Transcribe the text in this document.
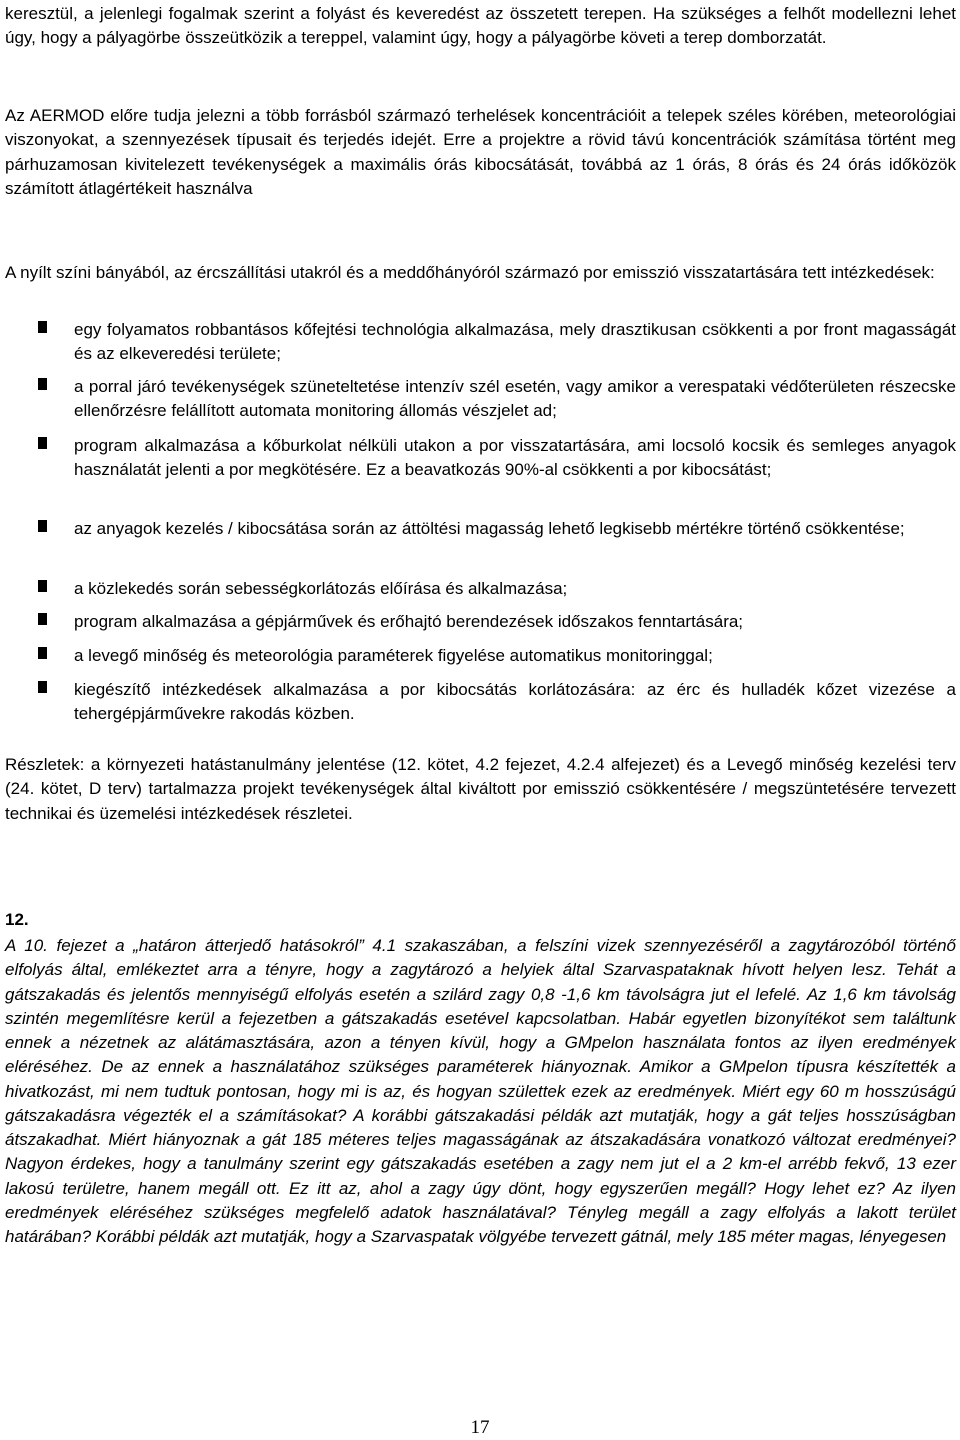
keresztül, a jelenlegi fogalmak szerint a folyást és keveredést az összetett terepen. Ha szükséges a felhőt modellezni lehet úgy, hogy a pályagörbe összeütközik a tereppel, valamint úgy, hogy a pályagörbe követi a terep domborzatát.

Az AERMOD előre tudja jelezni a több forrásból származó terhelések koncentrációit a telepek széles körében, meteorológiai viszonyokat, a szennyezések típusait és terjedés idejét. Erre a projektre a rövid távú koncentrációk számítása történt meg párhuzamosan kivitelezett tevékenységek a maximális órás kibocsátását, továbbá az 1 órás, 8 órás és 24 órás időközök számított átlagértékeit használva

A nyílt színi bányából, az ércszállítási utakról és a meddőhányóról származó por emisszió visszatartására tett intézkedések:

egy folyamatos robbantásos kőfejtési technológia alkalmazása, mely drasztikusan csökkenti a por front magasságát és az elkeveredési területe;
a porral járó tevékenységek szüneteltetése intenzív szél esetén, vagy amikor a verespataki védőterületen részecske ellenőrzésre felállított automata monitoring állomás vészjelet ad;
program alkalmazása a kőburkolat nélküli utakon a por visszatartására, ami locsoló kocsik és semleges anyagok használatát jelenti a por megkötésére. Ez a beavatkozás 90%-al csökkenti a por kibocsátást;
az anyagok kezelés / kibocsátása során az áttöltési magasság lehető legkisebb mértékre történő csökkentése;
a közlekedés során sebességkorlátozás előírása és alkalmazása;
program alkalmazása a gépjárművek és erőhajtó berendezések időszakos fenntartására;
a levegő minőség és meteorológia paraméterek figyelése automatikus monitoringgal;
kiegészítő intézkedések alkalmazása a por kibocsátás korlátozására: az érc és hulladék kőzet vizezése a tehergépjárművekre rakodás közben.

Részletek: a környezeti hatástanulmány jelentése (12. kötet, 4.2 fejezet, 4.2.4 alfejezet) és a Levegő minőség kezelési terv (24. kötet, D terv) tartalmazza projekt tevékenységek által kiváltott por emisszió csökkentésére / megszüntetésére tervezett technikai és üzemelési intézkedések részletei.

12.

A 10. fejezet a „határon átterjedő hatásokról” 4.1 szakaszában, a felszíni vizek szennyezéséről a zagytározóból történő elfolyás által, emlékeztet arra a tényre, hogy a zagytározó a helyiek által Szarvaspataknak hívott helyen lesz. Tehát a gátszakadás és jelentős mennyiségű elfolyás esetén a szilárd zagy 0,8 -1,6 km távolságra jut el lefelé. Az 1,6 km távolság szintén megemlítésre kerül a fejezetben a gátszakadás esetével kapcsolatban. Habár egyetlen bizonyítékot sem találtunk ennek a nézetnek az alátámasztására, azon a tényen kívül, hogy a GMpelon használata fontos az ilyen eredmények eléréséhez. De az ennek a használatához szükséges paraméterek hiányoznak. Amikor a GMpelon típusra készítették a hivatkozást, mi nem tudtuk pontosan, hogy mi is az, és hogyan születtek ezek az eredmények. Miért egy 60 m hosszúságú gátszakadásra végezték el a számításokat? A korábbi gátszakadási példák azt mutatják, hogy a gát teljes hosszúságban átszakadhat. Miért hiányoznak a gát 185 méteres teljes magasságának az átszakadására vonatkozó változat eredményei? Nagyon érdekes, hogy a tanulmány szerint egy gátszakadás esetében a zagy nem jut el a 2 km-el arrébb fekvő, 13 ezer lakosú területre, hanem megáll ott. Ez itt az, ahol a zagy úgy dönt, hogy egyszerűen megáll? Hogy lehet ez? Az ilyen eredmények eléréséhez szükséges megfelelő adatok használatával? Tényleg megáll a zagy elfolyás a lakott terület határában? Korábbi példák azt mutatják, hogy a Szarvaspatak völgyébe tervezett gátnál, mely 185 méter magas, lényegesen

17
